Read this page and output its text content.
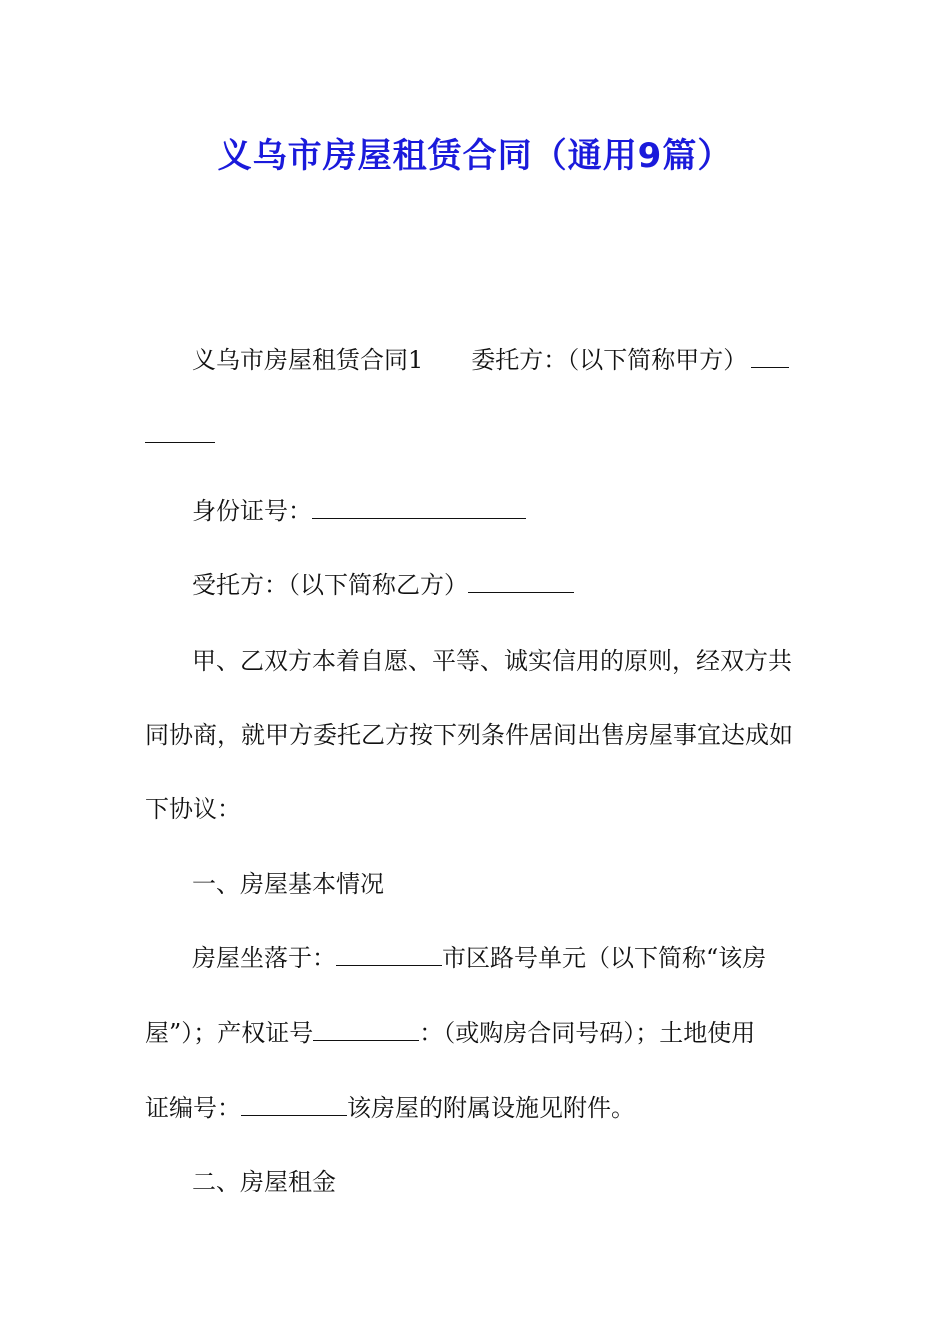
义乌市房屋租赁合同（通用9篇）
义乌市房屋租赁合同1 委托方：（以下简称甲方）
身份证号：
受托方：（以下简称乙方）
甲、乙双方本着自愿、平等、诚实信用的原则，经双方共
同协商，就甲方委托乙方按下列条件居间出售房屋事宜达成如
下协议：
一、房屋基本情况
房屋坐落于：	市区路号单元（以下简称“该房
屋”）；产权证号	：（或购房合同号码）；土地使用
证编号：	该房屋的附属设施见附件。
二、房屋租金
